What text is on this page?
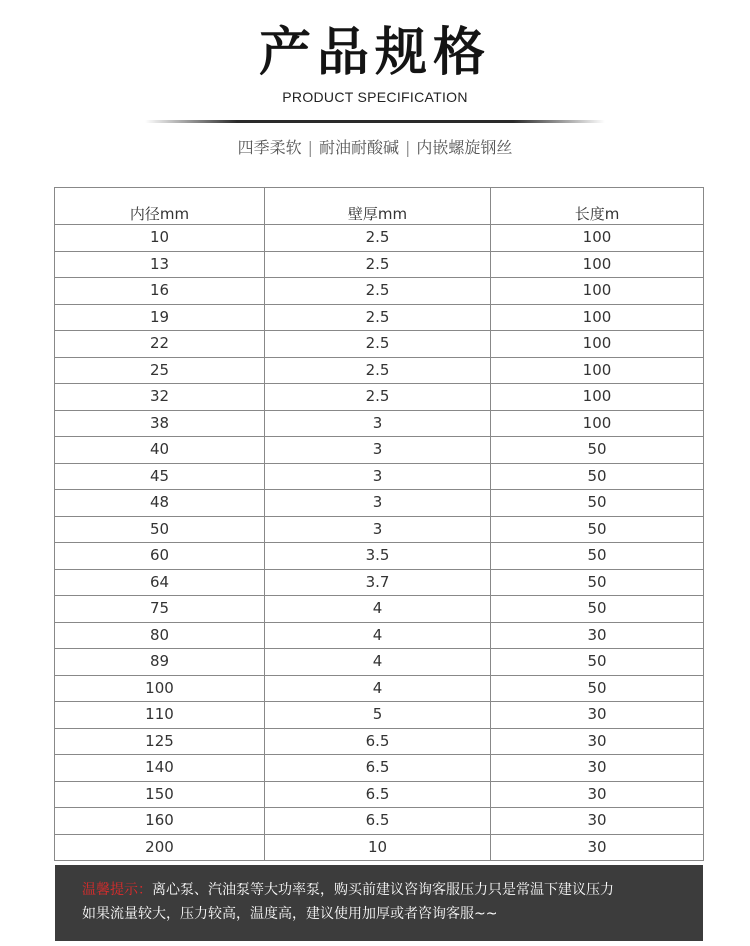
产品规格
PRODUCT SPECIFICATION
四季柔软 | 耐油耐酸碱 | 内嵌螺旋钢丝
内径mm	壁厚mm	长度m
10	2.5	100
13	2.5	100
16	2.5	100
19	2.5	100
22	2.5	100
25	2.5	100
32	2.5	100
38	3	100
40	3	50
45	3	50
48	3	50
50	3	50
60	3.5	50
64	3.7	50
75	4	50
80	4	30
89	4	50
100	4	50
110	5	30
125	6.5	30
140	6.5	30
150	6.5	30
160	6.5	30
200	10	30
温馨提示：离心泵、汽油泵等大功率泵，购买前建议咨询客服压力只是常温下建议压力
如果流量较大，压力较高，温度高，建议使用加厚或者咨询客服~~
